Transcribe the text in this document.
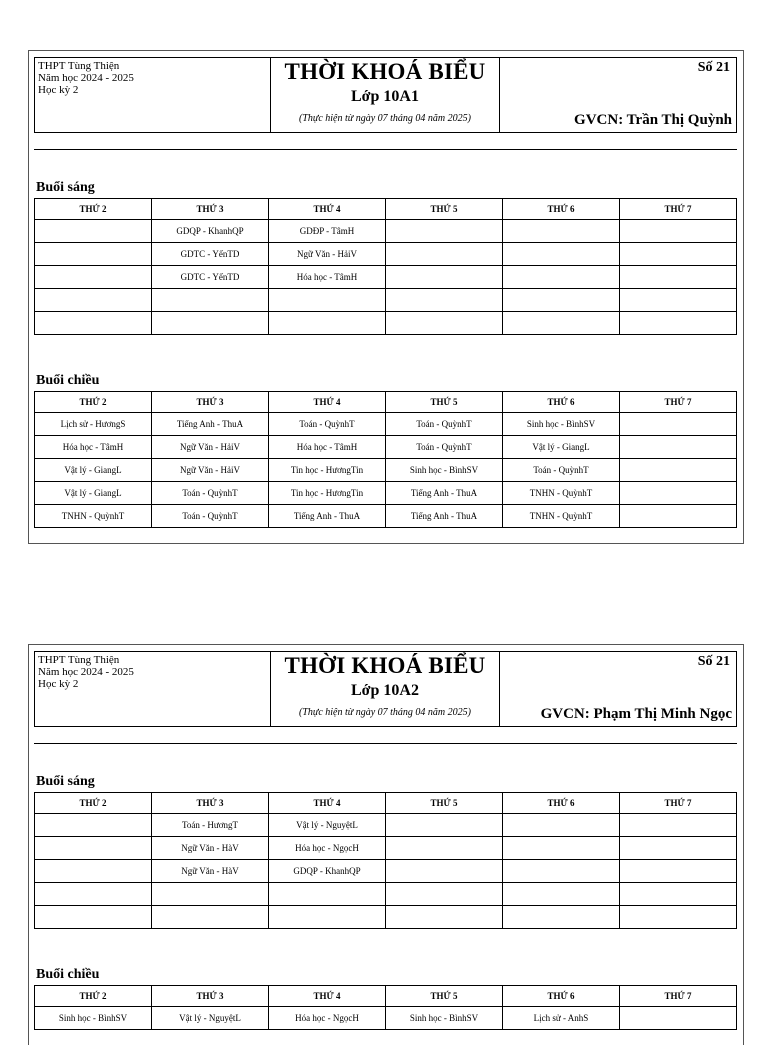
THPT Tùng Thiện
Năm học 2024 - 2025
Học kỳ 2
THỜI KHOÁ BIỂU
Lớp 10A1
(Thực hiện từ ngày 07 tháng 04 năm 2025)
Số 21
GVCN: Trần Thị Quỳnh
Buổi sáng
THỨ 2	THỨ 3	THỨ 4	THỨ 5	THỨ 6	THỨ 7
	GDQP - KhanhQP	GDĐP - TâmH			
	GDTC - YếnTD	Ngữ Văn - HảiV			
	GDTC - YếnTD	Hóa học - TâmH			

Buổi chiều
THỨ 2	THỨ 3	THỨ 4	THỨ 5	THỨ 6	THỨ 7
Lịch sử - HươngS	Tiếng Anh - ThuA	Toán - QuỳnhT	Toán - QuỳnhT	Sinh học - BìnhSV	
Hóa học - TâmH	Ngữ Văn - HảiV	Hóa học - TâmH	Toán - QuỳnhT	Vật lý - GiangL	
Vật lý - GiangL	Ngữ Văn - HảiV	Tin học - HươngTin	Sinh học - BìnhSV	Toán - QuỳnhT	
Vật lý - GiangL	Toán - QuỳnhT	Tin học - HươngTin	Tiếng Anh - ThuA	TNHN - QuỳnhT	
TNHN - QuỳnhT	Toán - QuỳnhT	Tiếng Anh - ThuA	Tiếng Anh - ThuA	TNHN - QuỳnhT	
THPT Tùng Thiện
Năm học 2024 - 2025
Học kỳ 2
THỜI KHOÁ BIỂU
Lớp 10A2
(Thực hiện từ ngày 07 tháng 04 năm 2025)
Số 21
GVCN: Phạm Thị Minh Ngọc
Buổi sáng
THỨ 2	THỨ 3	THỨ 4	THỨ 5	THỨ 6	THỨ 7
	Toán - HươngT	Vật lý - NguyệtL			
	Ngữ Văn - HàV	Hóa học - NgọcH			
	Ngữ Văn - HàV	GDQP - KhanhQP			

Buổi chiều
THỨ 2	THỨ 3	THỨ 4	THỨ 5	THỨ 6	THỨ 7
Sinh học - BìnhSV	Vật lý - NguyệtL	Hóa học - NgọcH	Sinh học - BìnhSV	Lịch sử - AnhS	
